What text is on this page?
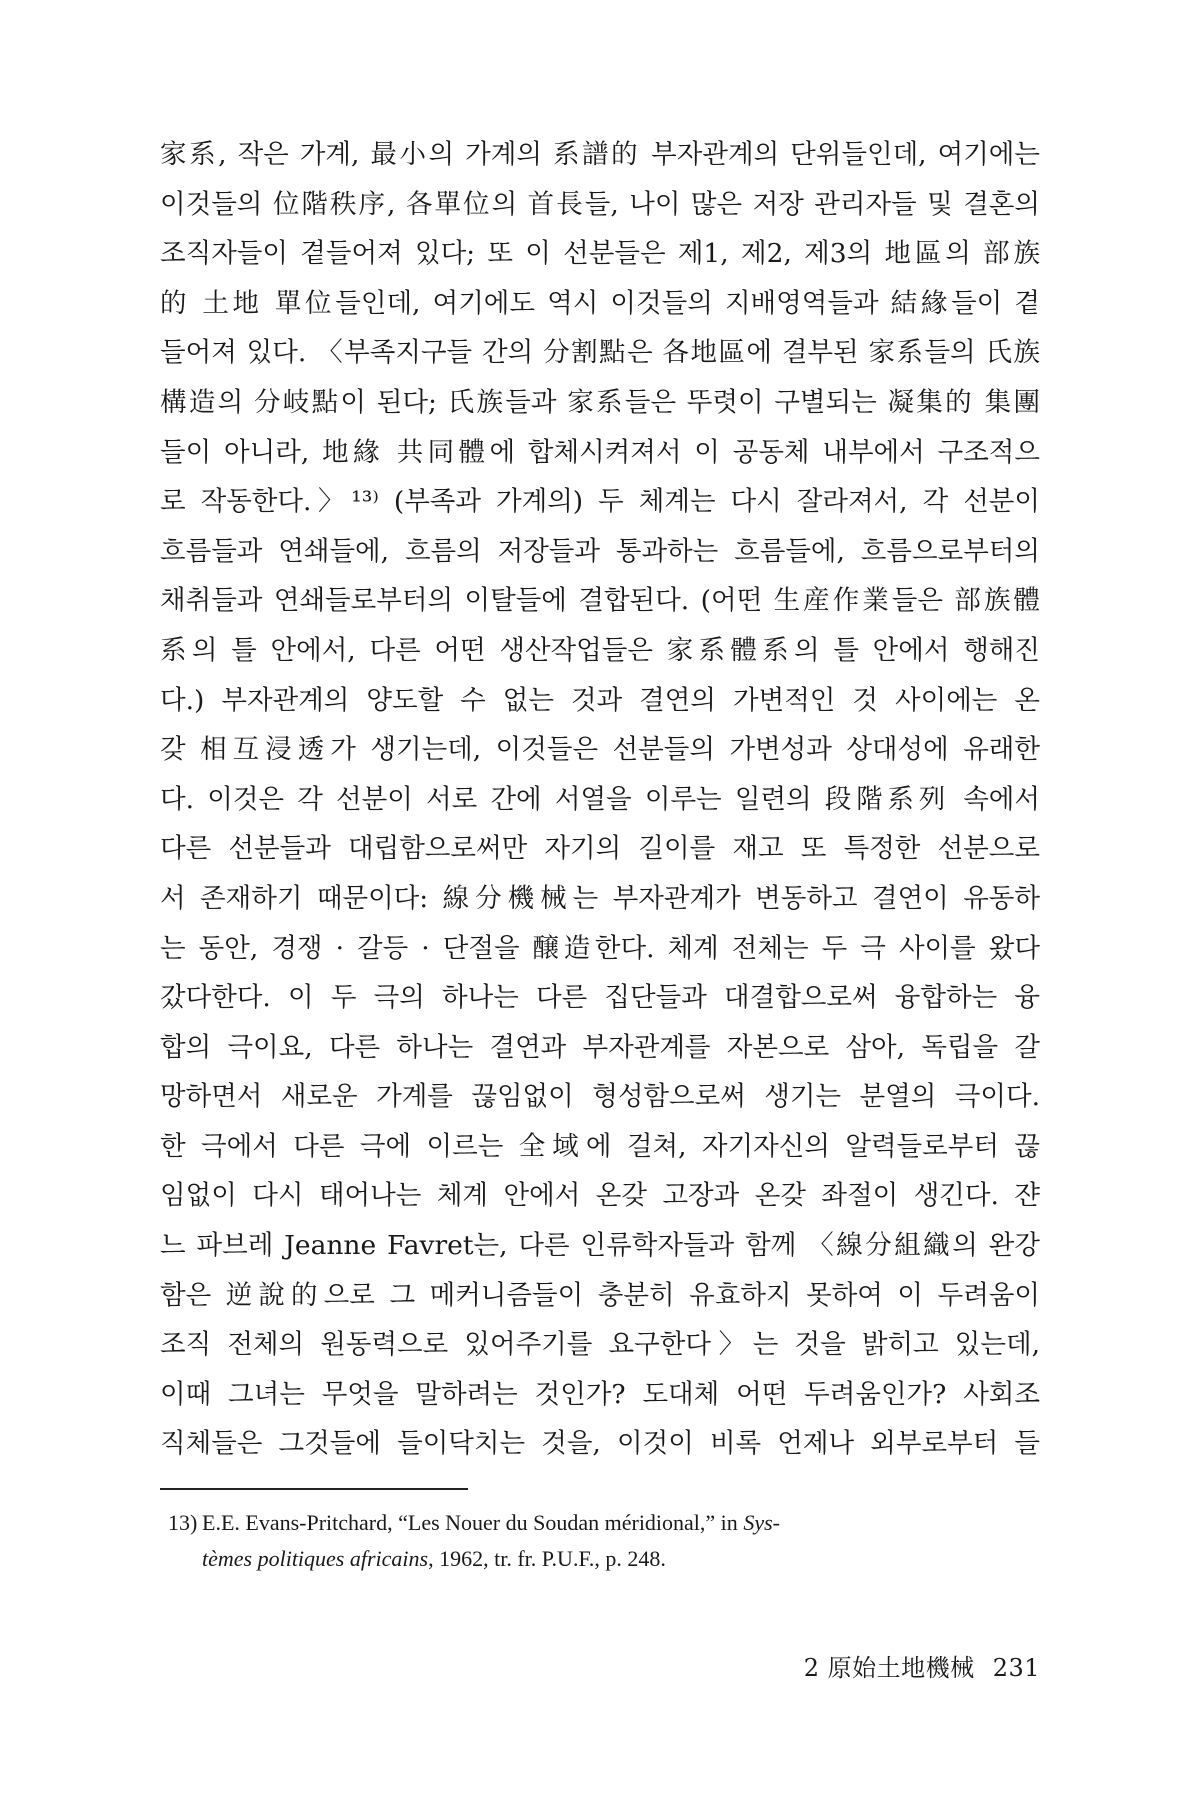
家系, 작은 가계, 最小의 가계의 系譜的 부자관계의 단위들인데, 여기에는
이것들의 位階秩序, 各單位의 首長들, 나이 많은 저장 관리자들 및 결혼의
조직자들이 곁들어져 있다; 또 이 선분들은 제1, 제2, 제3의 地區의 部族
的 土地 單位들인데, 여기에도 역시 이것들의 지배영역들과 結緣들이 곁
들어져 있다. 〈부족지구들 간의 分割點은 各地區에 결부된 家系들의 氏族
構造의 分岐點이 된다; 氏族들과 家系들은 뚜렷이 구별되는 凝集的 集團
들이 아니라, 地緣 共同體에 합체시켜져서 이 공동체 내부에서 구조적으
로 작동한다.〉¹³⁾ (부족과 가계의) 두 체계는 다시 잘라져서, 각 선분이
흐름들과 연쇄들에, 흐름의 저장들과 통과하는 흐름들에, 흐름으로부터의
채취들과 연쇄들로부터의 이탈들에 결합된다. (어떤 生産作業들은 部族體
系의 틀 안에서, 다른 어떤 생산작업들은 家系體系의 틀 안에서 행해진
다.) 부자관계의 양도할 수 없는 것과 결연의 가변적인 것 사이에는 온
갖 相互浸透가 생기는데, 이것들은 선분들의 가변성과 상대성에 유래한
다. 이것은 각 선분이 서로 간에 서열을 이루는 일련의 段階系列 속에서
다른 선분들과 대립함으로써만 자기의 길이를 재고 또 특정한 선분으로
서 존재하기 때문이다: 線分機械는 부자관계가 변동하고 결연이 유동하
는 동안, 경쟁 · 갈등 · 단절을 醸造한다. 체계 전체는 두 극 사이를 왔다
갔다한다. 이 두 극의 하나는 다른 집단들과 대결합으로써 융합하는 융
합의 극이요, 다른 하나는 결연과 부자관계를 자본으로 삼아, 독립을 갈
망하면서 새로운 가계를 끊임없이 형성함으로써 생기는 분열의 극이다.
한 극에서 다른 극에 이르는 全域에 걸쳐, 자기자신의 알력들로부터 끊
임없이 다시 태어나는 체계 안에서 온갖 고장과 온갖 좌절이 생긴다. 쟌
느 파브레 Jeanne Favret는, 다른 인류학자들과 함께 〈線分組織의 완강
함은 逆說的으로 그 메커니즘들이 충분히 유효하지 못하여 이 두려움이
조직 전체의 원동력으로 있어주기를 요구한다〉는 것을 밝히고 있는데,
이때 그녀는 무엇을 말하려는 것인가? 도대체 어떤 두려움인가? 사회조
직체들은 그것들에 들이닥치는 것을, 이것이 비록 언제나 외부로부터 들
13) E.E. Evans-Pritchard, “Les Nouer du Soudan méridional,” in Sys-
tèmes politiques africains, 1962, tr. fr. P.U.F., p. 248.
2 原始土地機械 231
